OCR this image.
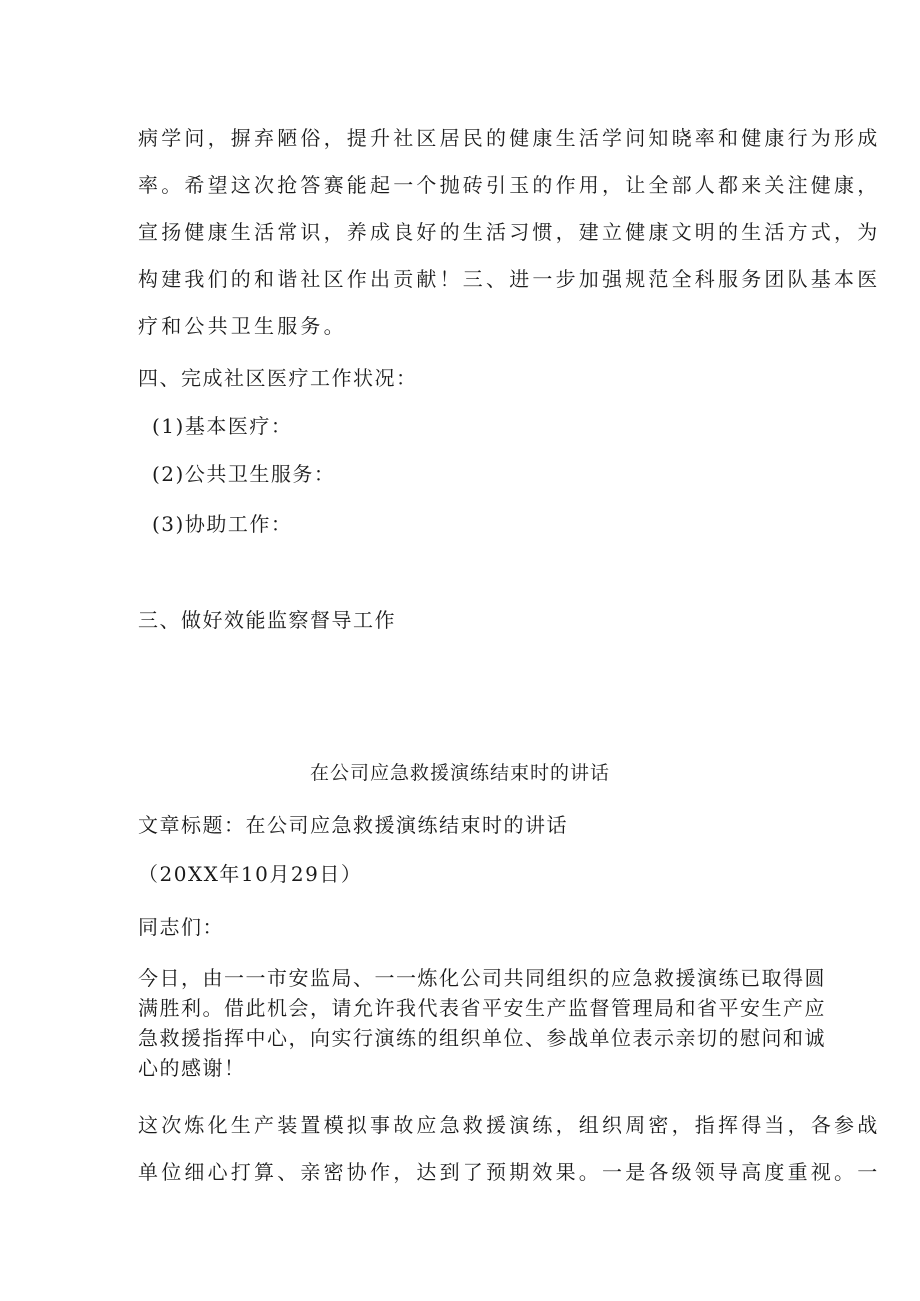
病学问，摒弃陋俗，提升社区居民的健康生活学问知晓率和健康行为形成
率。希望这次抢答赛能起一个抛砖引玉的作用，让全部人都来关注健康，
宣扬健康生活常识，养成良好的生活习惯，建立健康文明的生活方式，为
构建我们的和谐社区作出贡献！三、进一步加强规范全科服务团队基本医
疗和公共卫生服务。
四、完成社区医疗工作状况：
(1)基本医疗：
(2)公共卫生服务：
(3)协助工作：
三、做好效能监察督导工作
在公司应急救援演练结束时的讲话
文章标题：在公司应急救援演练结束时的讲话
（20XX年10月29日）
同志们：
今日，由一一市安监局、一一炼化公司共同组织的应急救援演练已取得圆
满胜利。借此机会，请允许我代表省平安生产监督管理局和省平安生产应
急救援指挥中心，向实行演练的组织单位、参战单位表示亲切的慰问和诚
心的感谢！
这次炼化生产装置模拟事故应急救援演练，组织周密，指挥得当，各参战
单位细心打算、亲密协作，达到了预期效果。一是各级领导高度重视。一
